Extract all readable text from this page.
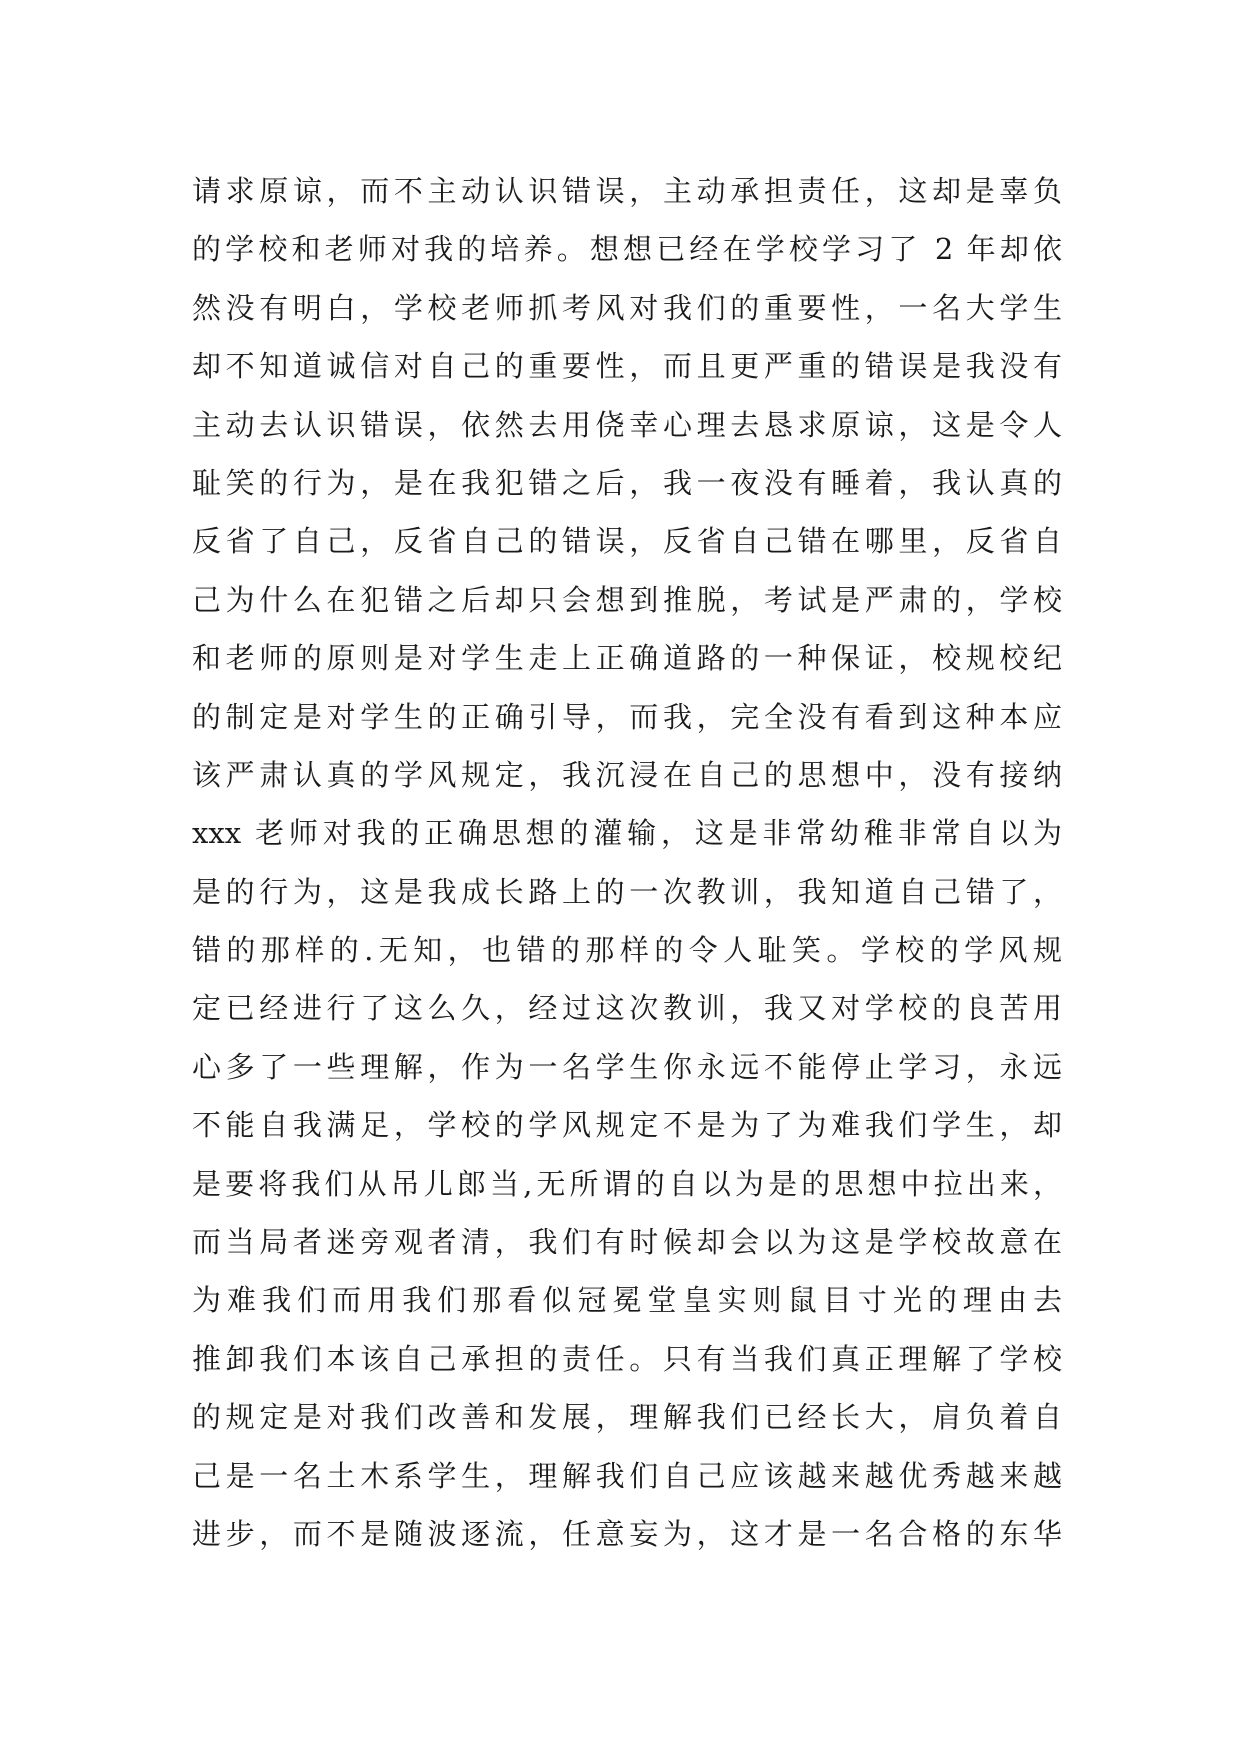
请求原谅，而不主动认识错误，主动承担责任，这却是辜负
的学校和老师对我的培养。想想已经在学校学习了 2 年却依
然没有明白，学校老师抓考风对我们的重要性，一名大学生
却不知道诚信对自己的重要性，而且更严重的错误是我没有
主动去认识错误，依然去用侥幸心理去恳求原谅，这是令人
耻笑的行为，是在我犯错之后，我一夜没有睡着，我认真的
反省了自己，反省自己的错误，反省自己错在哪里，反省自
己为什么在犯错之后却只会想到推脱，考试是严肃的，学校
和老师的原则是对学生走上正确道路的一种保证，校规校纪
的制定是对学生的正确引导，而我，完全没有看到这种本应
该严肃认真的学风规定，我沉浸在自己的思想中，没有接纳
xxx 老师对我的正确思想的灌输，这是非常幼稚非常自以为
是的行为，这是我成长路上的一次教训，我知道自己错了，
错的那样的.无知，也错的那样的令人耻笑。学校的学风规
定已经进行了这么久，经过这次教训，我又对学校的良苦用
心多了一些理解，作为一名学生你永远不能停止学习，永远
不能自我满足，学校的学风规定不是为了为难我们学生，却
是要将我们从吊儿郎当,无所谓的自以为是的思想中拉出来，
而当局者迷旁观者清，我们有时候却会以为这是学校故意在
为难我们而用我们那看似冠冕堂皇实则鼠目寸光的理由去
推卸我们本该自己承担的责任。只有当我们真正理解了学校
的规定是对我们改善和发展，理解我们已经长大，肩负着自
己是一名土木系学生，理解我们自己应该越来越优秀越来越
进步，而不是随波逐流，任意妄为，这才是一名合格的东华
